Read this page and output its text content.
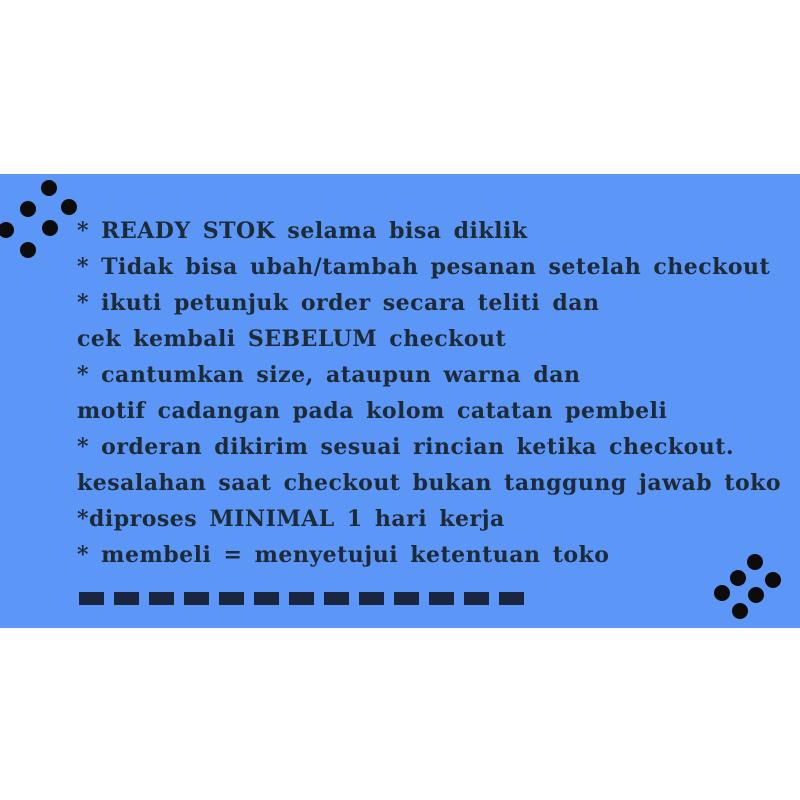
* READY STOK selama bisa diklik
* Tidak bisa ubah/tambah pesanan setelah checkout
* ikuti petunjuk order secara teliti dan
cek kembali SEBELUM checkout
* cantumkan size, ataupun warna dan
motif cadangan pada kolom catatan pembeli
* orderan dikirim sesuai rincian ketika checkout.
kesalahan saat checkout bukan tanggung jawab toko
*diproses MINIMAL 1 hari kerja
* membeli = menyetujui ketentuan toko
